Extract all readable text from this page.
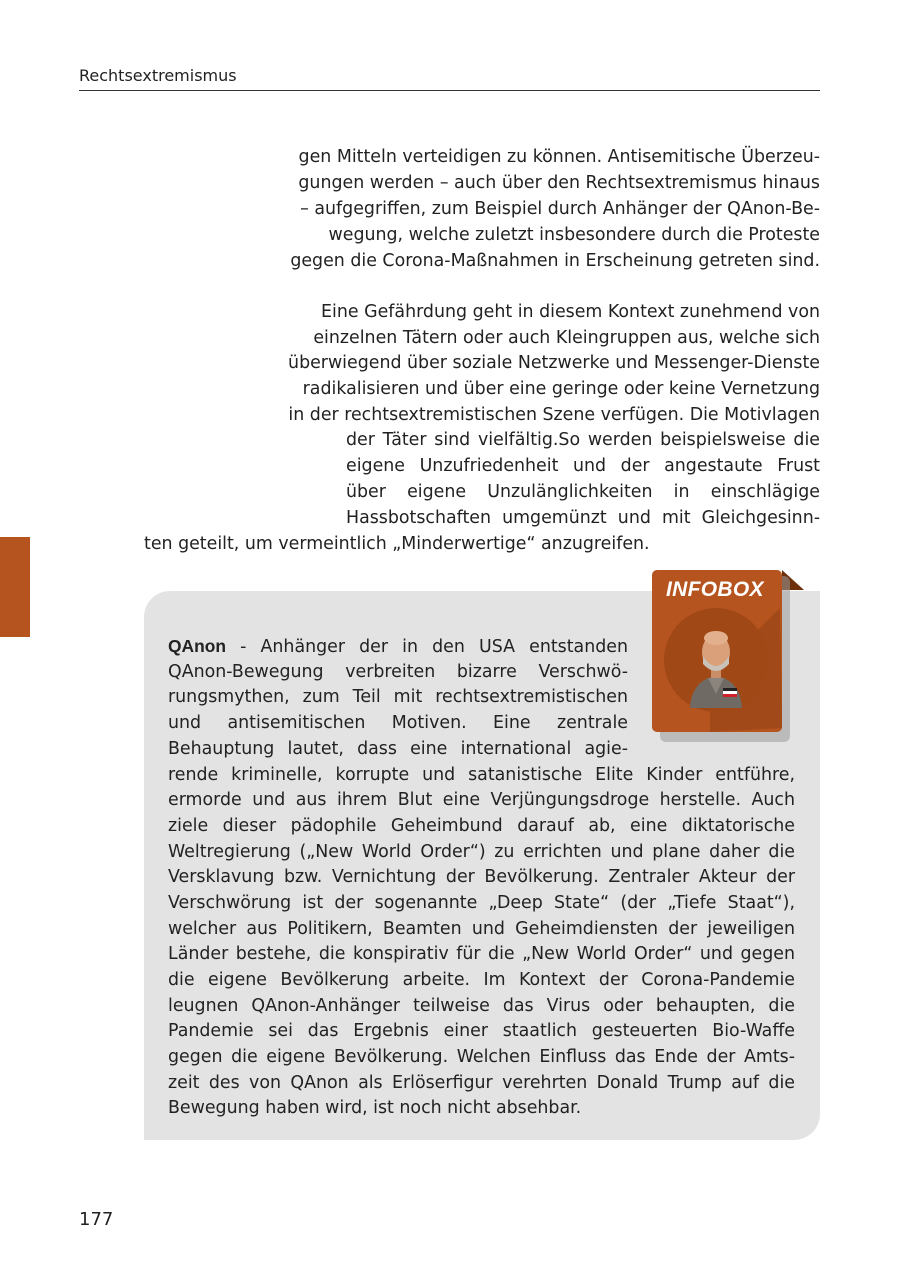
Rechtsextremismus
gen Mitteln verteidigen zu können. Antisemitische Überzeu-
gungen werden – auch über den Rechtsextremismus hinaus
– aufgegriffen, zum Beispiel durch Anhänger der QAnon-Be-
wegung, welche zuletzt insbesondere durch die Proteste
gegen die Corona-Maßnahmen in Erscheinung getreten sind.
Eine Gefährdung geht in diesem Kontext zunehmend von
einzelnen Tätern oder auch Kleingruppen aus, welche sich
überwiegend über soziale Netzwerke und Messenger-Dienste
radikalisieren und über eine geringe oder keine Vernetzung
in der rechtsextremistischen Szene verfügen. Die Motivlagen
der Täter sind vielfältig.So werden beispielsweise die
eigene Unzufriedenheit und der angestaute Frust
über eigene Unzulänglichkeiten in einschlägige
Hassbotschaften umgemünzt und mit Gleichgesinn-
ten geteilt, um vermeintlich „Minderwertige“ anzugreifen.
INFOBOX
QAnon - Anhänger der in den USA entstanden
QAnon-Bewegung verbreiten bizarre Verschwö-
rungsmythen, zum Teil mit rechtsextremistischen
und antisemitischen Motiven. Eine zentrale
Behauptung lautet, dass eine international agie-
rende kriminelle, korrupte und satanistische Elite Kinder entführe,
ermorde und aus ihrem Blut eine Verjüngungsdroge herstelle. Auch
ziele dieser pädophile Geheimbund darauf ab, eine diktatorische
Weltregierung („New World Order“) zu errichten und plane daher die
Versklavung bzw. Vernichtung der Bevölkerung. Zentraler Akteur der
Verschwörung ist der sogenannte „Deep State“ (der „Tiefe Staat“),
welcher aus Politikern, Beamten und Geheimdiensten der jeweiligen
Länder bestehe, die konspirativ für die „New World Order“ und gegen
die eigene Bevölkerung arbeite. Im Kontext der Corona-Pandemie
leugnen QAnon-Anhänger teilweise das Virus oder behaupten, die
Pandemie sei das Ergebnis einer staatlich gesteuerten Bio-Waffe
gegen die eigene Bevölkerung. Welchen Einfluss das Ende der Amts-
zeit des von QAnon als Erlöserfigur verehrten Donald Trump auf die
Bewegung haben wird, ist noch nicht absehbar.
177
